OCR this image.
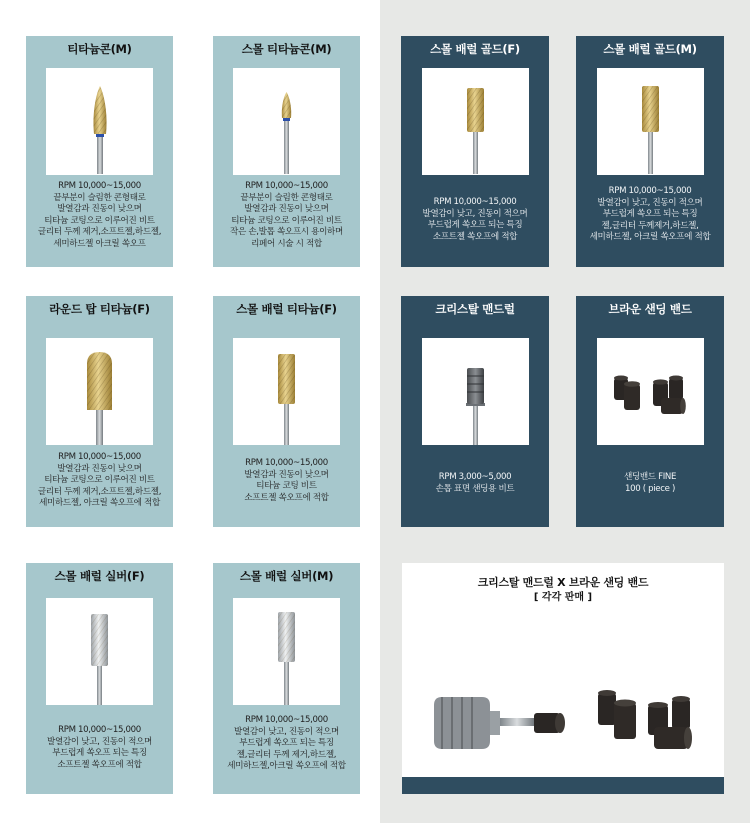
티타늄콘(M)
RPM 10,000~15,000
끝부분이 슬림한 콘형태로
발열감과 진동이 낮으며
티타늄 코팅으로 이루어진 비트
글리터 두께 제거,소프트젤,하드젤,
세미하드젤 아크릴 쏙오프
스몰 티타늄콘(M)
RPM 10,000~15,000
끝부분이 슬림한 콘형태로
발열감과 진동이 낮으며
티타늄 코팅으로 이루어진 비트
작은 손,발톱 쏙오프시 용이하며
리페어 시술 시 적합
스몰 배럴 골드(F)
RPM 10,000~15,000
발열감이 낮고, 진동이 적으며
부드럽게 쏙오프 되는 특징
소프트젤 쏙오프에 적합
스몰 배럴 골드(M)
RPM 10,000~15,000
발열감이 낮고, 진동이 적으며
부드럽게 쏙오프 되는 특징
젤,글리터 두께제거,하드젤,
세미하드젤, 아크릴 쏙오프에 적합
라운드 탑 티타늄(F)
RPM 10,000~15,000
발열감과 진동이 낮으며
티타늄 코팅으로 이루어진 비트
글리터 두께 제거,소프트젤,하드젤,
세미하드젤, 아크릴 쏙오프에 적합
스몰 배럴 티타늄(F)
RPM 10,000~15,000
발열감과 진동이 낮으며
티타늄 코팅 비트
소프트젤 쏙오프에 적합
크리스탈 맨드럴
RPM 3,000~5,000
손톱 표면 샌딩용 비트
브라운 샌딩 밴드
샌딩밴드 FINE
100 ( piece )
스몰 배럴 실버(F)
RPM 10,000~15,000
발열감이 낮고, 진동이 적으며
부드럽게 쏙오프 되는 특징
소프트젤 쏙오프에 적합
스몰 배럴 실버(M)
RPM 10,000~15,000
발열감이 낮고, 진동이 적으며
부드럽게 쏙오프 되는 특징
젤,글리터 두께 제거,하드젤,
세미하드젤,아크릴 쏙오프에 적합
크리스탈 맨드럴 X 브라운 샌딩 밴드
[ 각각 판매 ]
